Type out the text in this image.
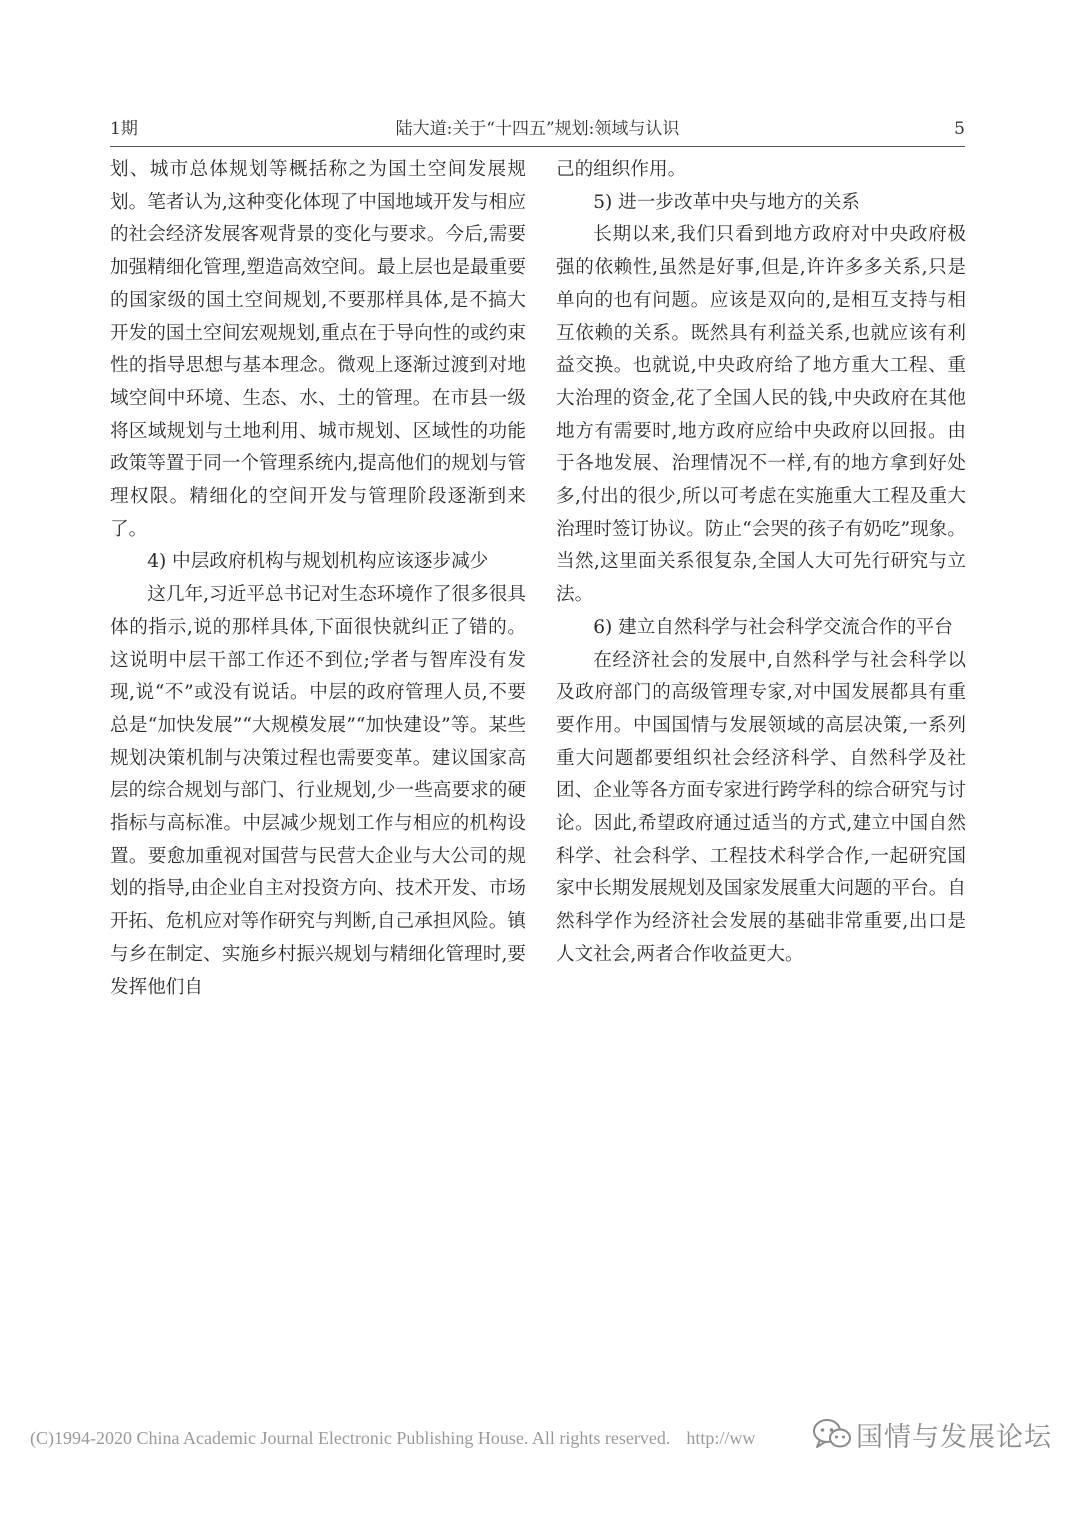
1期	陆大道:关于“十四五”规划:领域与认识	5

划、城市总体规划等概括称之为国土空间发展规划。笔者认为,这种变化体现了中国地域开发与相应的社会经济发展客观背景的变化与要求。今后,需要加强精细化管理,塑造高效空间。最上层也是最重要的国家级的国土空间规划,不要那样具体,是不搞大开发的国土空间宏观规划,重点在于导向性的或约束性的指导思想与基本理念。微观上逐渐过渡到对地域空间中环境、生态、水、土的管理。在市县一级将区域规划与土地利用、城市规划、区域性的功能政策等置于同一个管理系统内,提高他们的规划与管理权限。精细化的空间开发与管理阶段逐渐到来了。

4) 中层政府机构与规划机构应该逐步减少

这几年,习近平总书记对生态环境作了很多很具体的指示,说的那样具体,下面很快就纠正了错的。这说明中层干部工作还不到位;学者与智库没有发现,说“不”或没有说话。中层的政府管理人员,不要总是“加快发展”“大规模发展”“加快建设”等。某些规划决策机制与决策过程也需要变革。建议国家高层的综合规划与部门、行业规划,少一些高要求的硬指标与高标准。中层减少规划工作与相应的机构设置。要愈加重视对国营与民营大企业与大公司的规划的指导,由企业自主对投资方向、技术开发、市场开拓、危机应对等作研究与判断,自己承担风险。镇与乡在制定、实施乡村振兴规划与精细化管理时,要发挥他们自

己的组织作用。

5) 进一步改革中央与地方的关系

长期以来,我们只看到地方政府对中央政府极强的依赖性,虽然是好事,但是,许许多多关系,只是单向的也有问题。应该是双向的,是相互支持与相互依赖的关系。既然具有利益关系,也就应该有利益交换。也就说,中央政府给了地方重大工程、重大治理的资金,花了全国人民的钱,中央政府在其他地方有需要时,地方政府应给中央政府以回报。由于各地发展、治理情况不一样,有的地方拿到好处多,付出的很少,所以可考虑在实施重大工程及重大治理时签订协议。防止“会哭的孩子有奶吃”现象。当然,这里面关系很复杂,全国人大可先行研究与立法。

6) 建立自然科学与社会科学交流合作的平台

在经济社会的发展中,自然科学与社会科学以及政府部门的高级管理专家,对中国发展都具有重要作用。中国国情与发展领域的高层决策,一系列重大问题都要组织社会经济科学、自然科学及社团、企业等各方面专家进行跨学科的综合研究与讨论。因此,希望政府通过适当的方式,建立中国自然科学、社会科学、工程技术科学合作,一起研究国家中长期发展规划及国家发展重大问题的平台。自然科学作为经济社会发展的基础非常重要,出口是人文社会,两者合作收益更大。

(C)1994-2020 China Academic Journal Electronic Publishing House. All rights reserved. http://ww	国情与发展论坛
